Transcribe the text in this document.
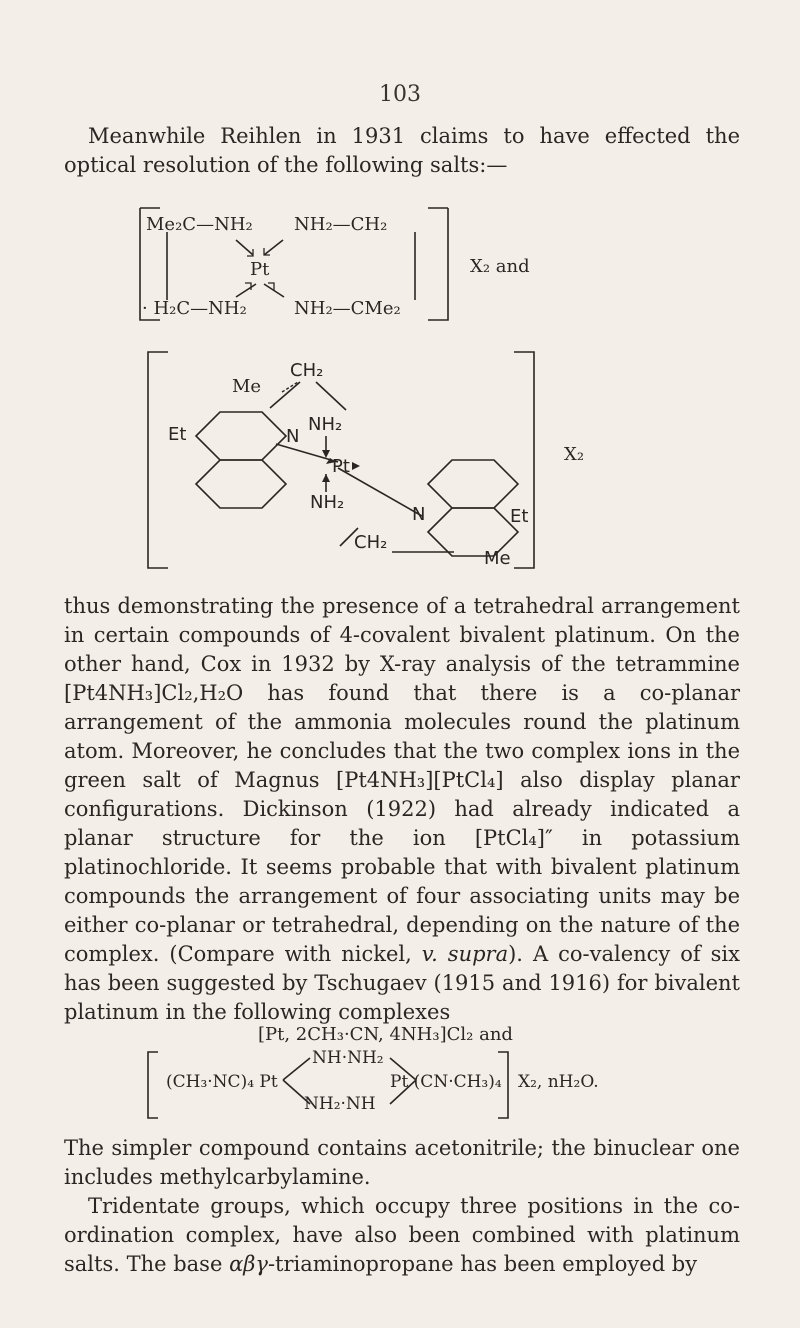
103

Meanwhile Reihlen in 1931 claims to have effected the optical resolution of the following salts:—

Me₂C—NH₂ NH₂—CH₂
Pt
· H₂C—NH₂	NH₂—CMe₂
X₂ and
CH₂
Me
Et	N
NH₂
Pt
NH₂
N
CH₂
Et
Me
X₂

thus demonstrating the presence of a tetrahedral arrangement in certain compounds of 4-covalent bivalent platinum. On the other hand, Cox in 1932 by X-ray analysis of the tetrammine [Pt4NH₃]Cl₂,H₂O has found that there is a co-planar arrangement of the ammonia molecules round the platinum atom. Moreover, he concludes that the two complex ions in the green salt of Magnus [Pt4NH₃][PtCl₄] also display planar configurations. Dickinson (1922) had already indicated a planar structure for the ion [PtCl₄]″ in potassium platinochloride. It seems probable that with bivalent platinum compounds the arrangement of four associating units may be either co-planar or tetrahedral, depending on the nature of the complex. (Compare with nickel, v. supra). A co-valency of six has been suggested by Tschugaev (1915 and 1916) for bivalent platinum in the following complexes

[Pt, 2CH₃·CN, 4NH₃]Cl₂ and
(CH₃·NC)₄ Pt
NH·NH₂
NH₂·NH
Pt (CN·CH₃)₄ X₂, nH₂O.

The simpler compound contains acetonitrile; the binuclear one includes methylcarbylamine.

Tridentate groups, which occupy three positions in the co-ordination complex, have also been combined with platinum salts. The base αβγ-triaminopropane has been employed by
